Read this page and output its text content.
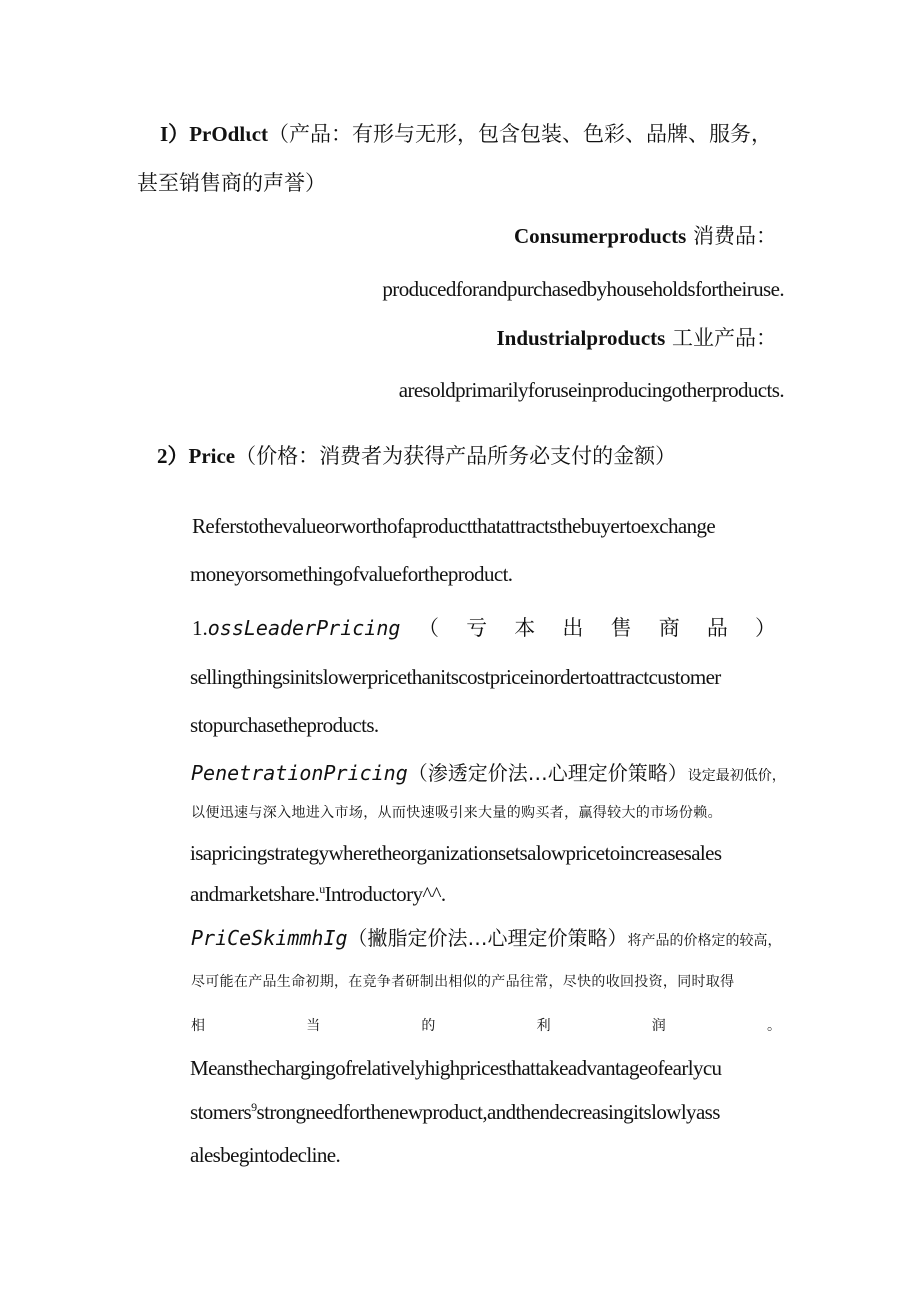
I）PrOdlιct（产品：有形与无形，包含包装、色彩、品牌、服务，
甚至销售商的声誉）
Consumerproducts 消费品：
producedforandpurchasedbyhouseholdsfortheiruse.
Industrialproducts 工业产品：
aresoldprimarilyforuseinproducingotherproducts.
2）Price（价格：消费者为获得产品所务必支付的金额）
Referstothevalueorworthofaproductthatattractsthebuyertoexchange
moneyorsomethingofvaluefortheproduct.
1.ossLeaderPricing （ 亏 本 出 售 商 品 ）
sellingthingsinitslowerpricethanitscostpriceinordertoattractcustomer
stopurchasetheproducts.
PenetrationPricing（渗透定价法…心理定价策略）设定最初低价，
以便迅速与深入地进入市场，从而快速吸引来大量的购买者，赢得较大的市场份赖。
isapricingstrategywheretheorganizationsetsalowpricetoincreasesales
andmarketshare.$^u$Introductory^^.
PriCeSkimmhIg（撇脂定价法…心理定价策略）将产品的价格定的较高，
尽可能在产品生命初期，在竞争者研制出相似的产品往常，尽快的收回投资，同时取得
相	当	的	利	润	。
Meansthechargingofrelativelyhighpricesthattakeadvantageofearlycu
stomers$^9$strongneedforthenewproduct,andthendecreasingitslowlyass
alesbegintodecline.
